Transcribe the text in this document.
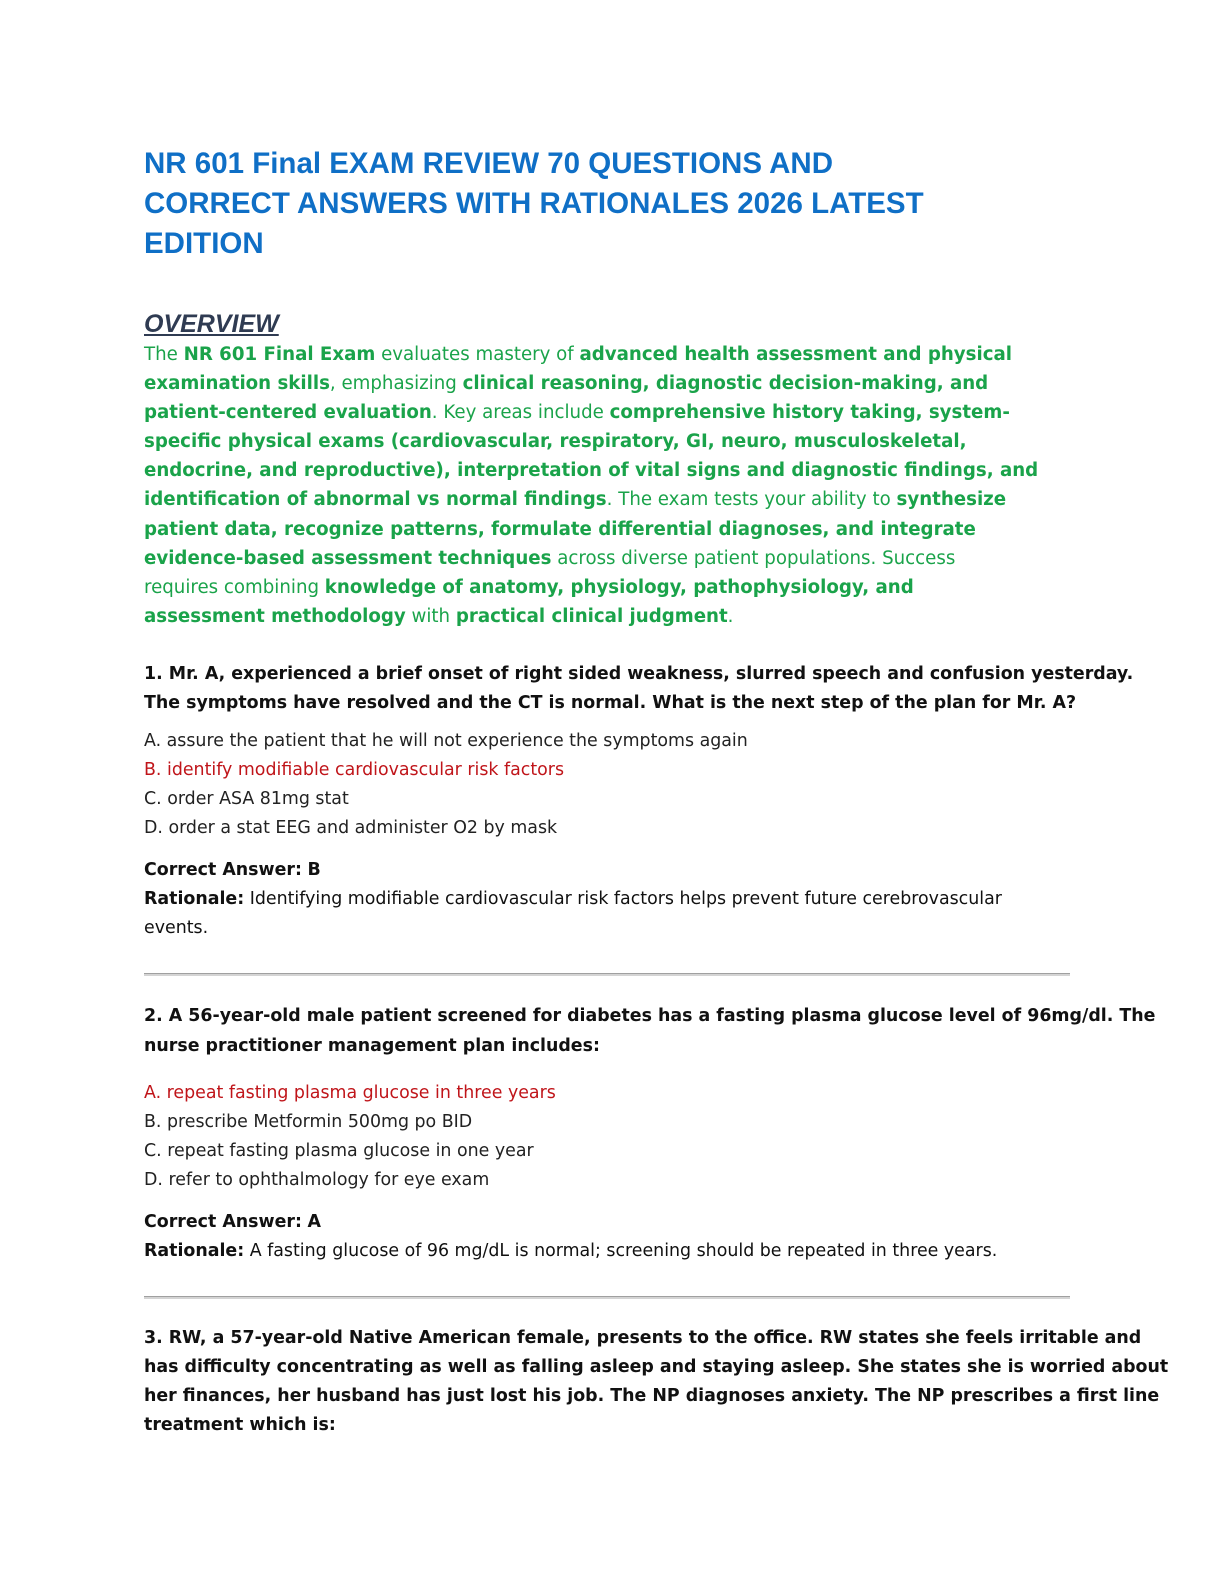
NR 601 Final EXAM REVIEW 70 QUESTIONS AND
CORRECT ANSWERS WITH RATIONALES 2026 LATEST
EDITION
OVERVIEW
The NR 601 Final Exam evaluates mastery of advanced health assessment and physical
examination skills, emphasizing clinical reasoning, diagnostic decision-making, and
patient-centered evaluation. Key areas include comprehensive history taking, system-
specific physical exams (cardiovascular, respiratory, GI, neuro, musculoskeletal,
endocrine, and reproductive), interpretation of vital signs and diagnostic findings, and
identification of abnormal vs normal findings. The exam tests your ability to synthesize
patient data, recognize patterns, formulate differential diagnoses, and integrate
evidence-based assessment techniques across diverse patient populations. Success
requires combining knowledge of anatomy, physiology, pathophysiology, and
assessment methodology with practical clinical judgment.

1. Mr. A, experienced a brief onset of right sided weakness, slurred speech and confusion yesterday.
The symptoms have resolved and the CT is normal. What is the next step of the plan for Mr. A?

A. assure the patient that he will not experience the symptoms again
B. identify modifiable cardiovascular risk factors
C. order ASA 81mg stat
D. order a stat EEG and administer O2 by mask

Correct Answer: B

Rationale: Identifying modifiable cardiovascular risk factors helps prevent future cerebrovascular
events.

2. A 56-year-old male patient screened for diabetes has a fasting plasma glucose level of 96mg/dl. The
nurse practitioner management plan includes:

A. repeat fasting plasma glucose in three years
B. prescribe Metformin 500mg po BID
C. repeat fasting plasma glucose in one year
D. refer to ophthalmology for eye exam

Correct Answer: A

Rationale: A fasting glucose of 96 mg/dL is normal; screening should be repeated in three years.

3. RW, a 57-year-old Native American female, presents to the office. RW states she feels irritable and
has difficulty concentrating as well as falling asleep and staying asleep. She states she is worried about
her finances, her husband has just lost his job. The NP diagnoses anxiety. The NP prescribes a first line
treatment which is:
